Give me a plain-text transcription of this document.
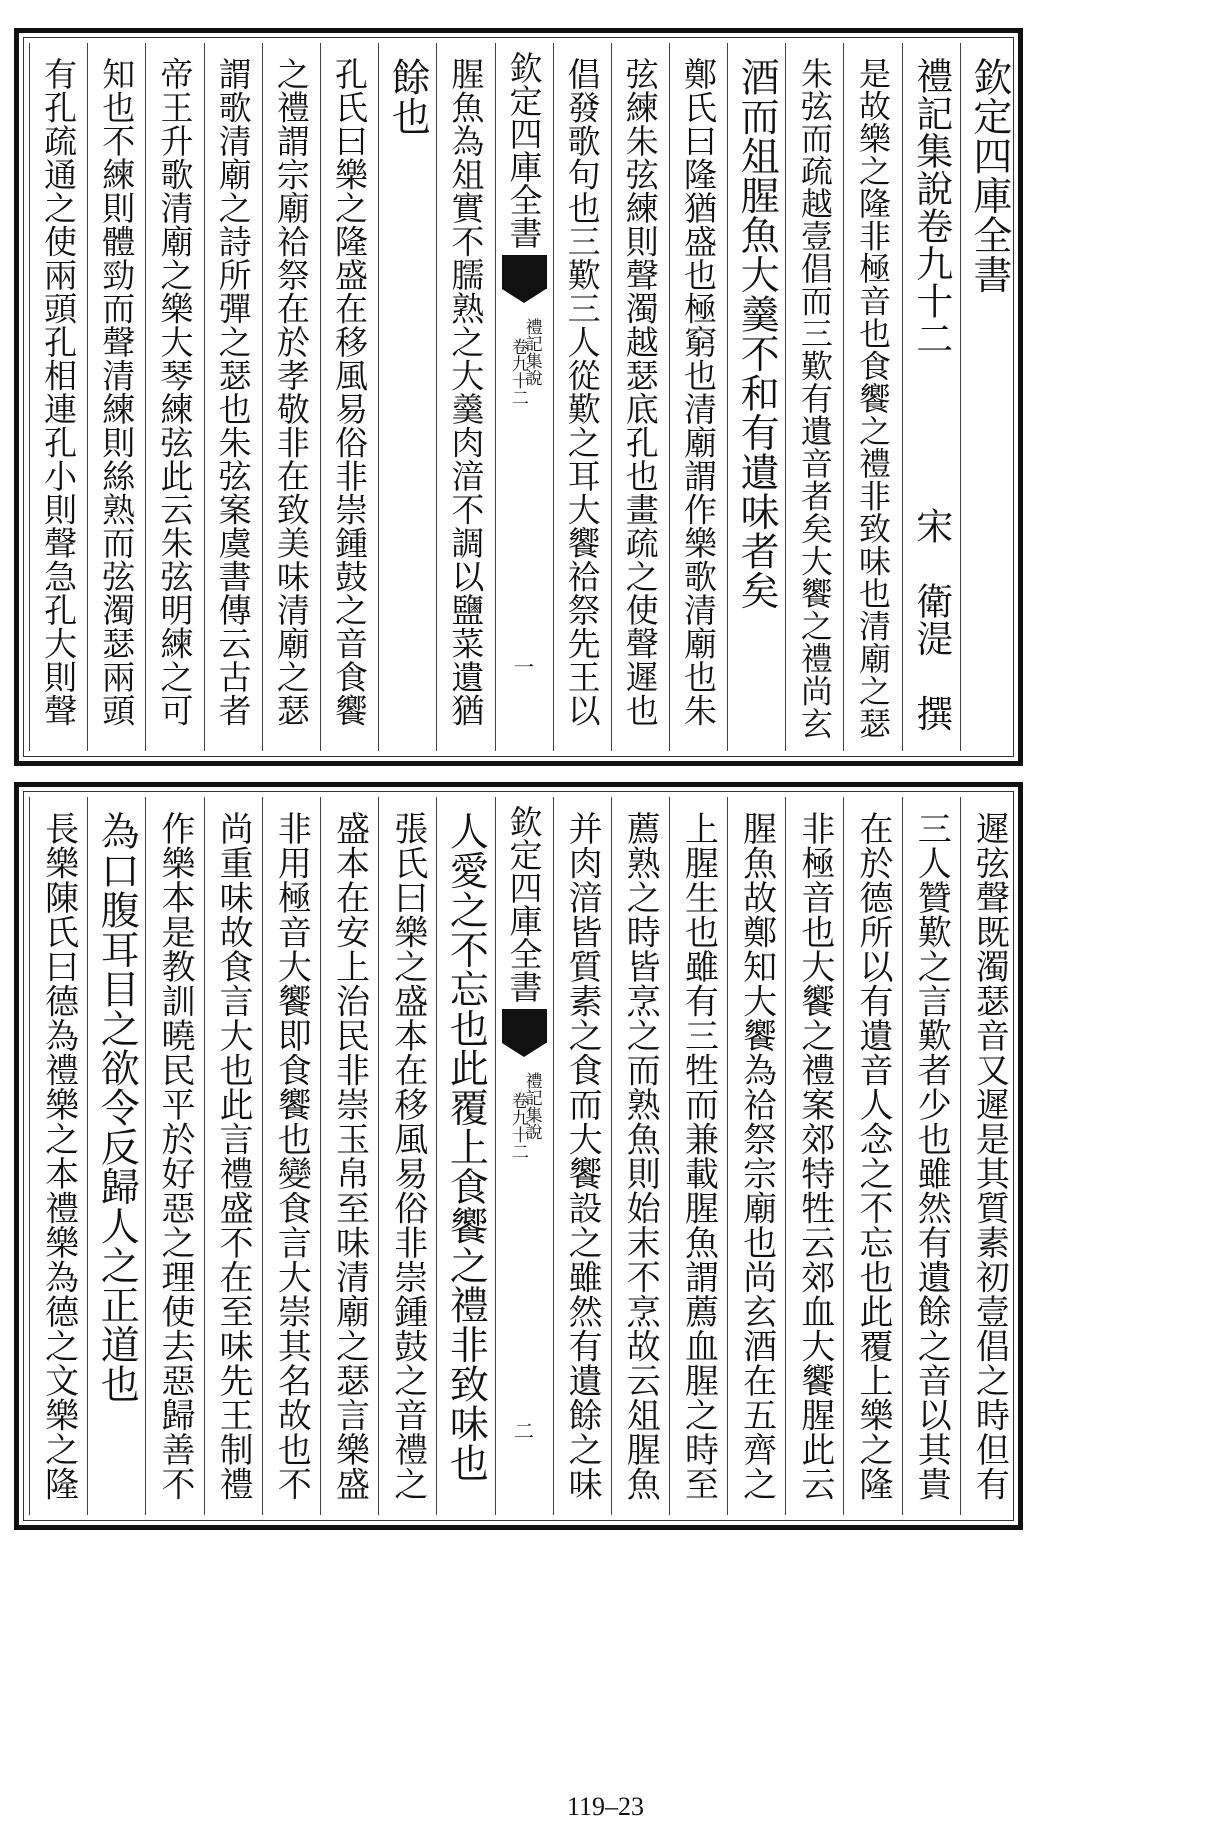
有孔疏通之使兩頭孔相連孔小則聲急孔大則聲 知也不練則體勁而聲清練則絲熟而弦濁瑟兩頭 帝王升歌清廟之樂大琴練弦此云朱弦明練之可 謂歌清廟之詩所彈之瑟也朱弦案虞書傳云古者 之禮謂宗廟祫祭在於孝敬非在致美味清廟之瑟 孔氏曰樂之隆盛在移風易俗非崇鍾鼓之音食饗 餘也 腥魚為俎實不臑熟之大羹肉湆不調以鹽菜遺猶 欽定四庫全書
禮記集說
卷九十二
一 倡發歌句也三歎三人從歎之耳大饗祫祭先王以 弦練朱弦練則聲濁越瑟底孔也畫疏之使聲遲也 鄭氏曰隆猶盛也極窮也清廟謂作樂歌清廟也朱 酒而俎腥魚大羹不和有遺味者矣 朱弦而疏越壹倡而三歎有遺音者矣大饗之禮尚玄 是故樂之隆非極音也食饗之禮非致味也清廟之瑟 禮記集說卷九十二　　　　宋　衛湜　撰 欽定四庫全書
長樂陳氏曰德為禮樂之本禮樂為德之文樂之隆 為口腹耳目之欲令反歸人之正道也 作樂本是教訓曉民平於好惡之理使去惡歸善不 尚重味故食言大也此言禮盛不在至味先王制禮 非用極音大饗即食饗也變食言大崇其名故也不 盛本在安上治民非崇玉帛至味清廟之瑟言樂盛 張氏曰樂之盛本在移風易俗非崇鍾鼓之音禮之 人愛之不忘也此覆上食饗之禮非致味也 欽定四庫全書
禮記集說
卷九十二
二 并肉湆皆質素之食而大饗設之雖然有遺餘之味 薦熟之時皆烹之而熟魚則始末不烹故云俎腥魚 上腥生也雖有三牲而兼載腥魚謂薦血腥之時至 腥魚故鄭知大饗為祫祭宗廟也尚玄酒在五齊之 非極音也大饗之禮案郊特牲云郊血大饗腥此云 在於德所以有遺音人念之不忘也此覆上樂之隆 三人贊歎之言歎者少也雖然有遺餘之音以其貴 遲弦聲既濁瑟音又遲是其質素初壹倡之時但有
119–23
